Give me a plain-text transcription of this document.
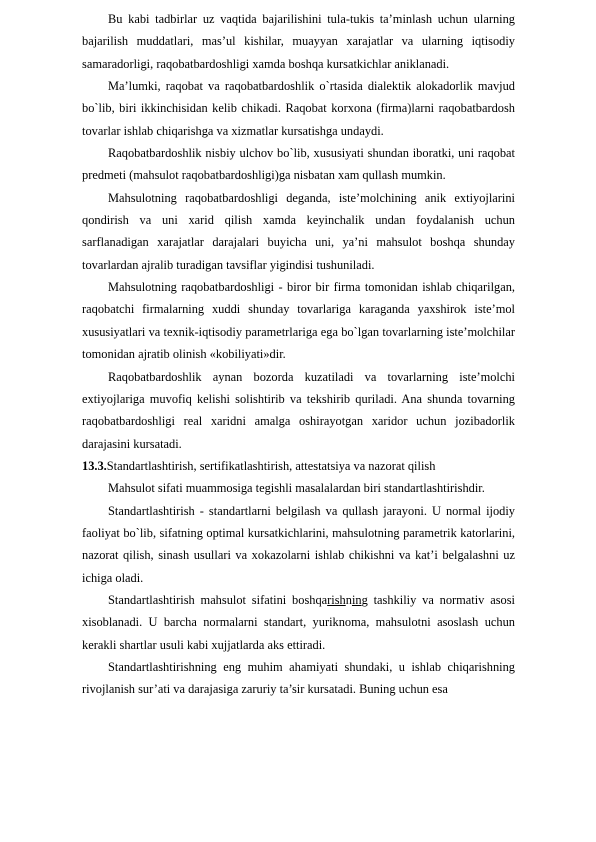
Bu kabi tadbirlar uz vaqtida bajarilishini tula-tukis ta’minlash uchun ularning bajarilish muddatlari, mas’ul kishilar, muayyan xarajatlar va ularning iqtisodiy samaradorligi, raqobatbardoshligi xamda boshqa kursatkichlar aniklanadi.

Ma’lumki, raqobat va raqobatbardoshlik o`rtasida dialektik alokadorlik mavjud bo`lib, biri ikkinchisidan kelib chikadi. Raqobat korxona (firma)larni raqobatbardosh tovarlar ishlab chiqarishga va xizmatlar kursatishga undaydi.

Raqobatbardoshlik nisbiy ulchov bo`lib, xususiyati shundan iboratki, uni raqobat predmeti (mahsulot raqobatbardoshligi)ga nisbatan xam qullash mumkin.

Mahsulotning raqobatbardoshligi deganda, iste’molchining anik extiyojlarini qondirish va uni xarid qilish xamda keyinchalik undan foydalanish uchun sarflanadigan xarajatlar darajalari buyicha uni, ya’ni mahsulot boshqa shunday tovarlardan ajralib turadigan tavsiflar yigindisi tushuniladi.

Mahsulotning raqobatbardoshligi - biror bir firma tomonidan ishlab chiqarilgan, raqobatchi firmalarning xuddi shunday tovarlariga karaganda yaxshirok iste’mol xususiyatlari va texnik-iqtisodiy parametrlariga ega bo`lgan tovarlarning iste’molchilar tomonidan ajratib olinish «kobiliyati»dir.

Raqobatbardoshlik aynan bozorda kuzatiladi va tovarlarning iste’molchi extiyojlariga muvofiq kelishi solishtirib va tekshirib quriladi. Ana shunda tovarning raqobatbardoshligi real xaridni amalga oshirayotgan xaridor uchun jozibadorlik darajasini kursatadi.

13.3.Standartlashtirish, sertifikatlashtirish, attestatsiya va nazorat qilish

Mahsulot sifati muammosiga tegishli masalalardan biri standartlashtirishdir.

Standartlashtirish - standartlarni belgilash va qullash jarayoni. U normal ijodiy faoliyat bo`lib, sifatning optimal kursatkichlarini, mahsulotning parametrik katorlarini, nazorat qilish, sinash usullari va xokazolarni ishlab chikishni va kat’i belgalashni uz ichiga oladi.

Standartlashtirish mahsulot sifatini boshqarishning tashkiliy va normativ asosi xisoblanadi. U barcha normalarni standart, yuriknoma, mahsulotni asoslash uchun kerakli shartlar usuli kabi xujjatlarda aks ettiradi.

Standartlashtirishning eng muhim ahamiyati shundaki, u ishlab chiqarishning rivojlanish sur’ati va darajasiga zaruriy ta’sir kursatadi. Buning uchun esa
